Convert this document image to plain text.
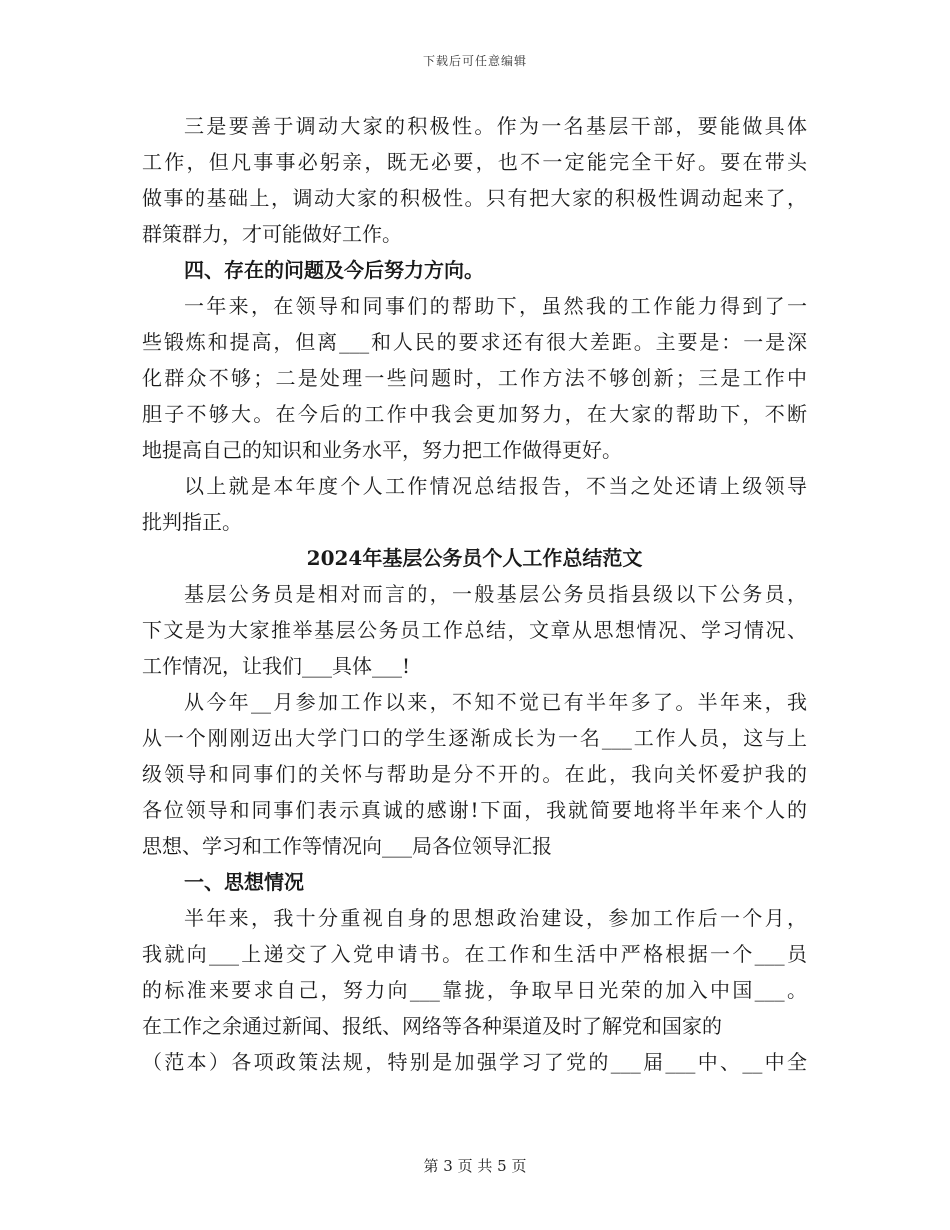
下载后可任意编辑
三是要善于调动大家的积极性。作为一名基层干部，要能做具体
工作，但凡事事必躬亲，既无必要，也不一定能完全干好。要在带头
做事的基础上，调动大家的积极性。只有把大家的积极性调动起来了，
群策群力，才可能做好工作。
四、存在的问题及今后努力方向。
一年来，在领导和同事们的帮助下，虽然我的工作能力得到了一
些锻炼和提高，但离___和人民的要求还有很大差距。主要是：一是深
化群众不够；二是处理一些问题时，工作方法不够创新；三是工作中
胆子不够大。在今后的工作中我会更加努力，在大家的帮助下，不断
地提高自己的知识和业务水平，努力把工作做得更好。
以上就是本年度个人工作情况总结报告，不当之处还请上级领导
批判指正。
2024年基层公务员个人工作总结范文
基层公务员是相对而言的，一般基层公务员指县级以下公务员，
下文是为大家推举基层公务员工作总结，文章从思想情况、学习情况、
工作情况，让我们___具体___!
从今年__月参加工作以来，不知不觉已有半年多了。半年来，我
从一个刚刚迈出大学门口的学生逐渐成长为一名___工作人员，这与上
级领导和同事们的关怀与帮助是分不开的。在此，我向关怀爱护我的
各位领导和同事们表示真诚的感谢!下面，我就简要地将半年来个人的
思想、学习和工作等情况向___局各位领导汇报
一、思想情况
半年来，我十分重视自身的思想政治建设，参加工作后一个月，
我就向___上递交了入党申请书。在工作和生活中严格根据一个___员
的标准来要求自己，努力向___靠拢，争取早日光荣的加入中国___。
在工作之余通过新闻、报纸、网络等各种渠道及时了解党和国家的
（范本）各项政策法规，特别是加强学习了党的___届___中、__中全
第 3 页 共 5 页
